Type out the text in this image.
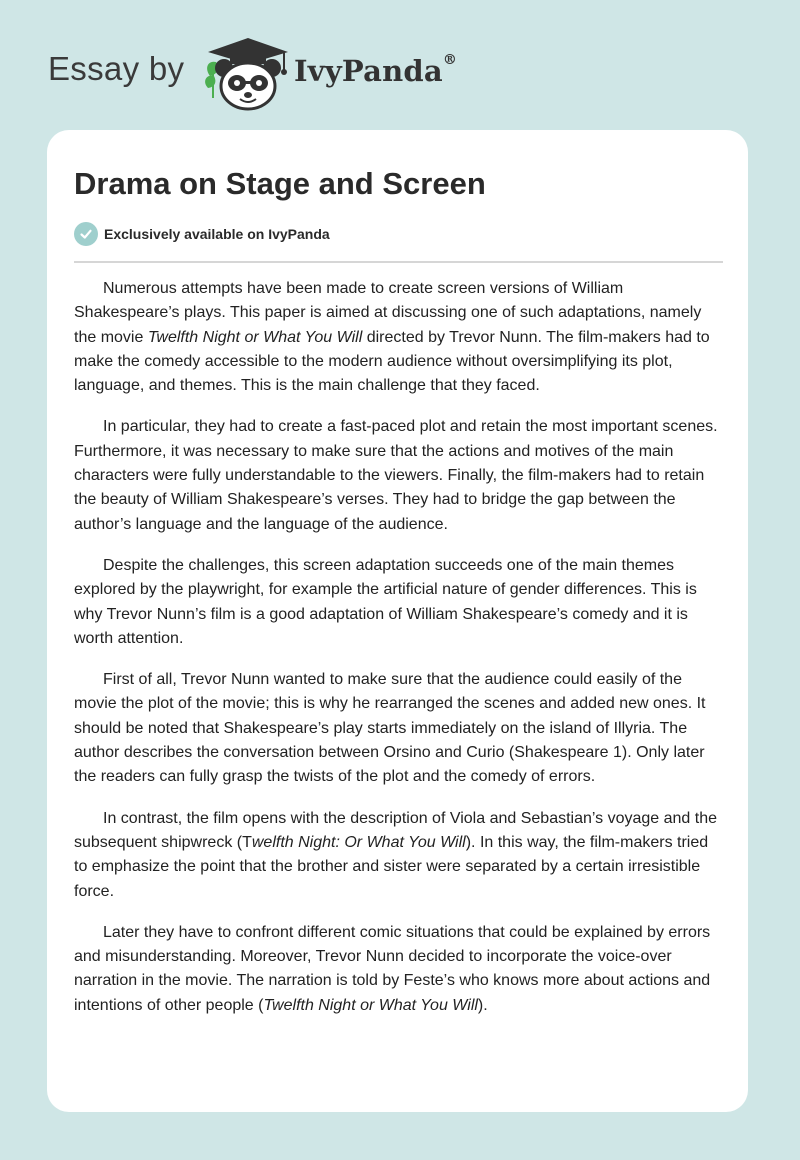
Essay by	IvyPanda®
Drama on Stage and Screen
Exclusively available on IvyPanda

Numerous attempts have been made to create screen versions of William Shakespeare’s plays. This paper is aimed at discussing one of such adaptations, namely the movie Twelfth Night or What You Will directed by Trevor Nunn. The film-makers had to make the comedy accessible to the modern audience without oversimplifying its plot, language, and themes. This is the main challenge that they faced.

In particular, they had to create a fast-paced plot and retain the most important scenes. Furthermore, it was necessary to make sure that the actions and motives of the main characters were fully understandable to the viewers. Finally, the film-makers had to retain the beauty of William Shakespeare’s verses. They had to bridge the gap between the author’s language and the language of the audience.

Despite the challenges, this screen adaptation succeeds one of the main themes explored by the playwright, for example the artificial nature of gender differences. This is why Trevor Nunn’s film is a good adaptation of William Shakespeare’s comedy and it is worth attention.

First of all, Trevor Nunn wanted to make sure that the audience could easily of the movie the plot of the movie; this is why he rearranged the scenes and added new ones. It should be noted that Shakespeare’s play starts immediately on the island of Illyria. The author describes the conversation between Orsino and Curio (Shakespeare 1). Only later the readers can fully grasp the twists of the plot and the comedy of errors.

In contrast, the film opens with the description of Viola and Sebastian’s voyage and the subsequent shipwreck (Twelfth Night: Or What You Will). In this way, the film-makers tried to emphasize the point that the brother and sister were separated by a certain irresistible force.

Later they have to confront different comic situations that could be explained by errors and misunderstanding. Moreover, Trevor Nunn decided to incorporate the voice-over narration in the movie. The narration is told by Feste’s who knows more about actions and intentions of other people (Twelfth Night or What You Will).
